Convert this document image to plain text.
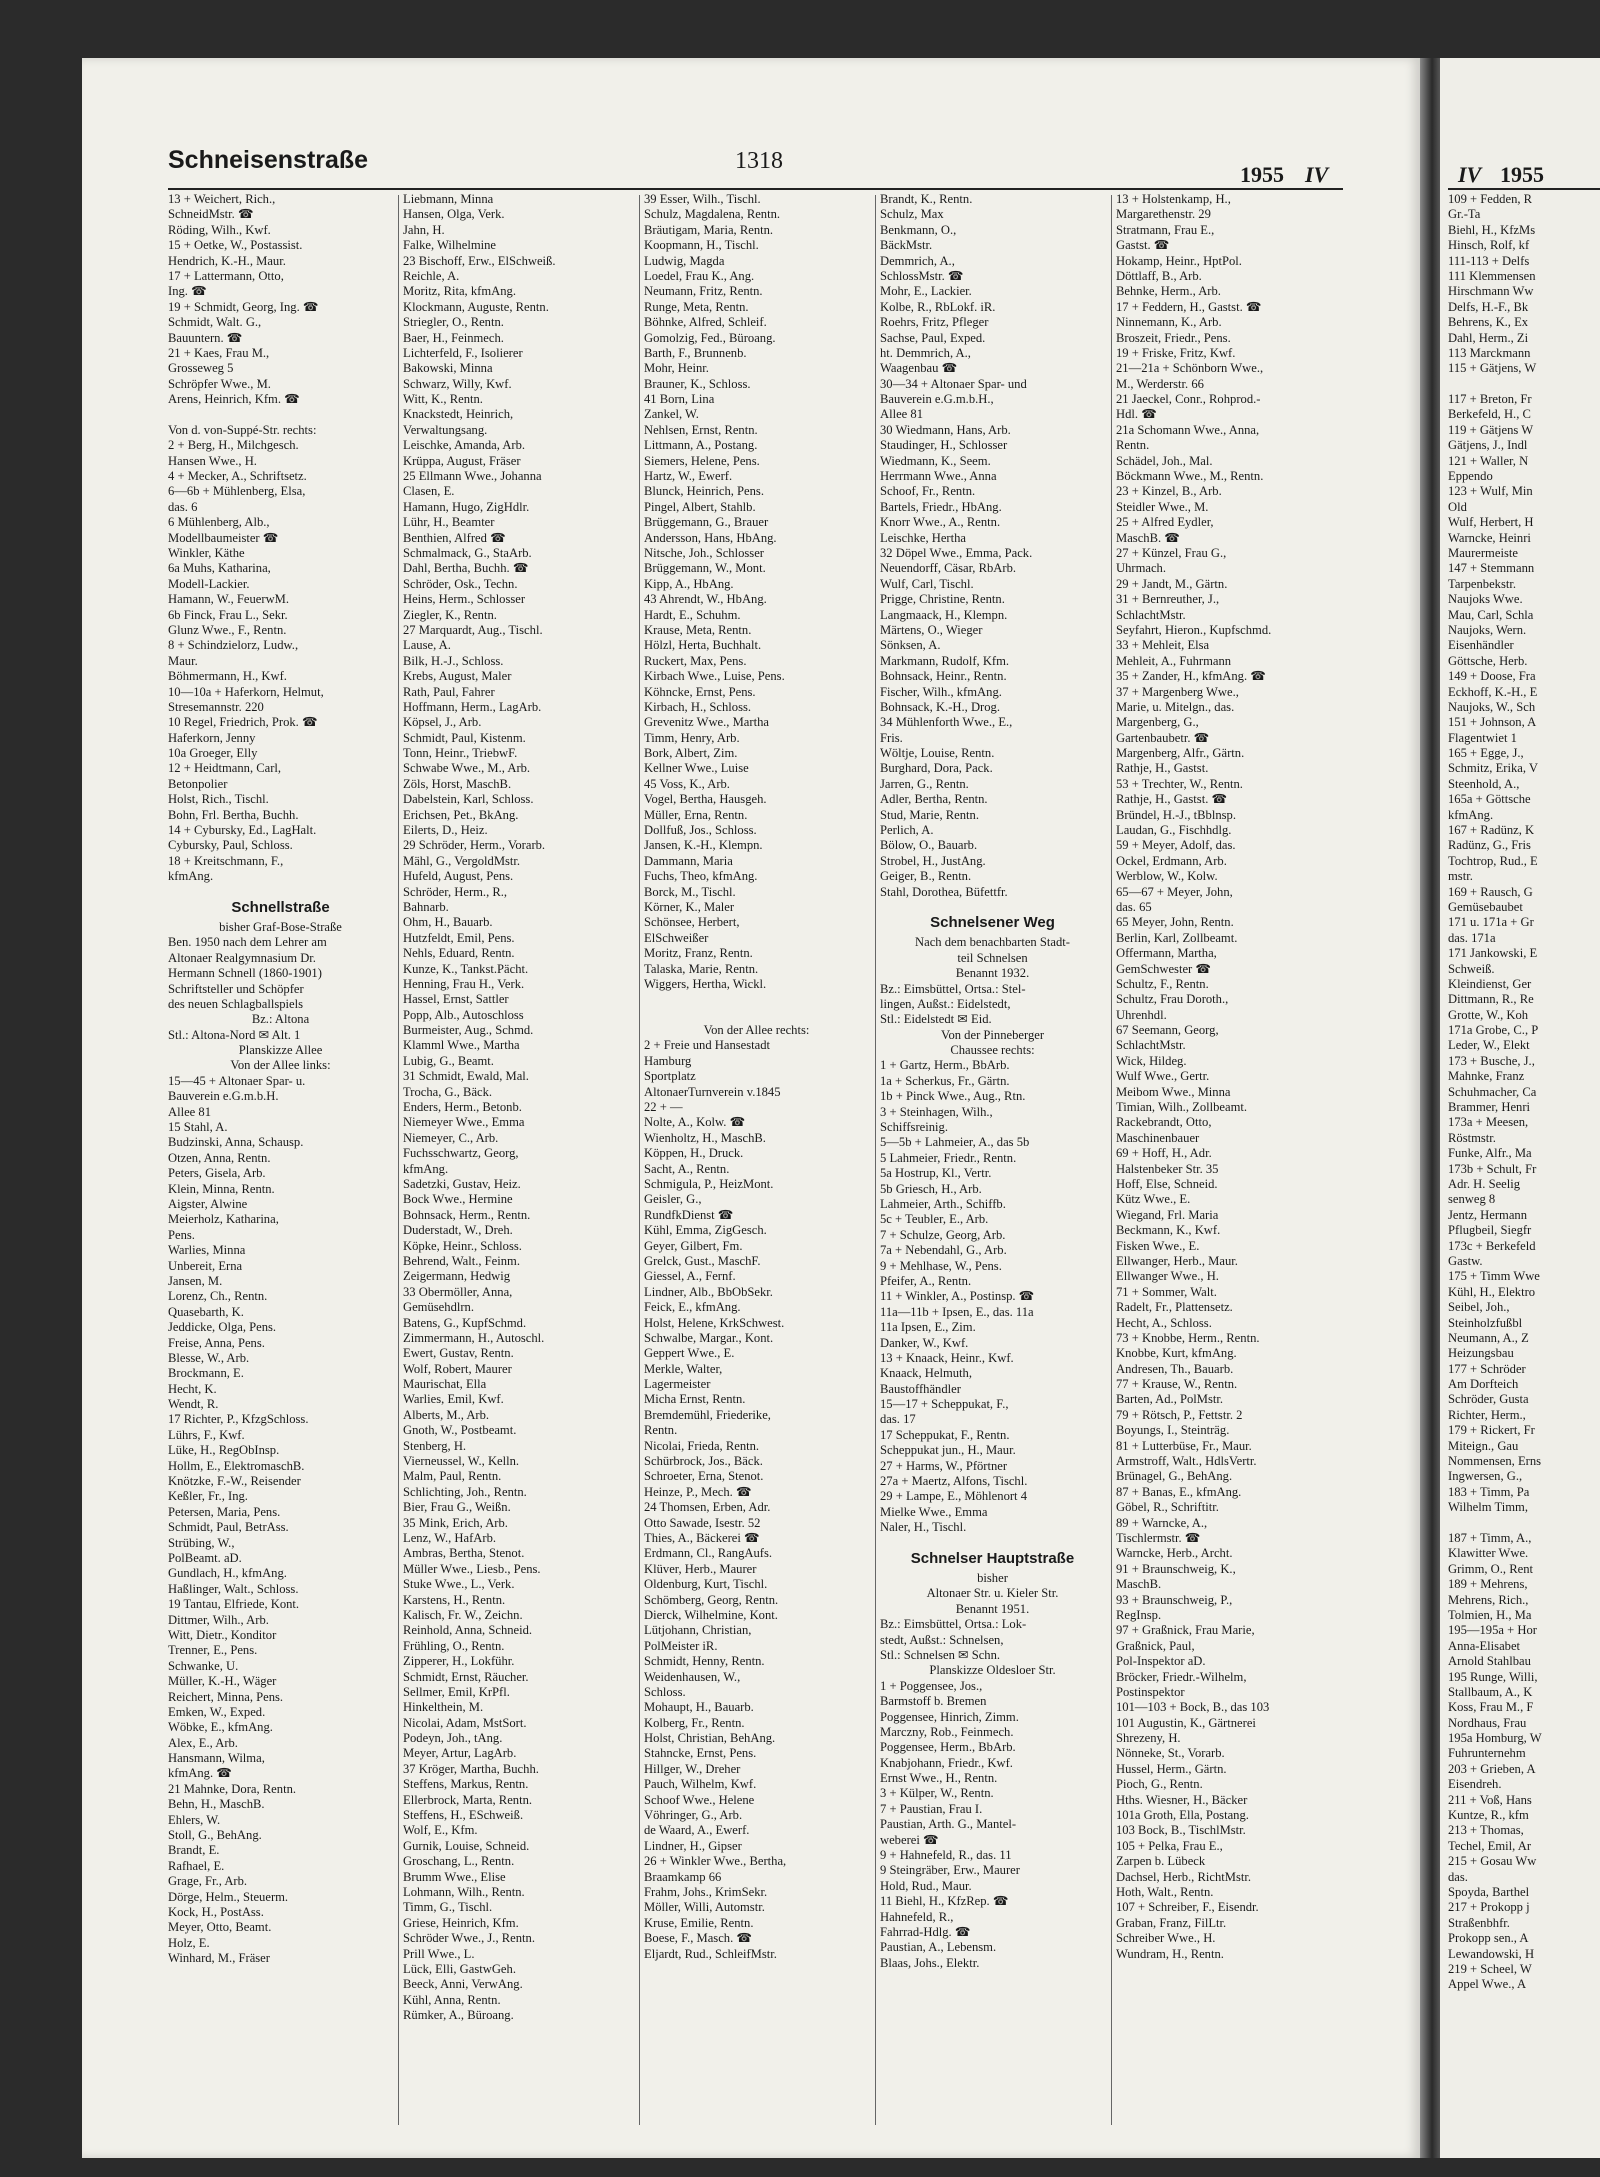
Schneisenstraße	1318
1955 IV	IV 1955
13 + Weichert, Rich.,
SchneidMstr. ☎
Röding, Wilh., Kwf.
15 + Oetke, W., Postassist.
Hendrich, K.-H., Maur.
17 + Lattermann, Otto,
Ing. ☎
19 + Schmidt, Georg, Ing. ☎
Schmidt, Walt. G.,
Bauuntern. ☎
21 + Kaes, Frau M.,
Grosseweg 5
Schröpfer Wwe., M.
Arens, Heinrich, Kfm. ☎
Von d. von-Suppé-Str. rechts:
2 + Berg, H., Milchgesch.
Hansen Wwe., H.
4 + Mecker, A., Schriftsetz.
6—6b + Mühlenberg, Elsa,
das. 6
6 Mühlenberg, Alb.,
Modellbaumeister ☎
Winkler, Käthe
6a Muhs, Katharina,
Modell-Lackier.
Hamann, W., FeuerwM.
6b Finck, Frau L., Sekr.
Glunz Wwe., F., Rentn.
8 + Schindzielorz, Ludw.,
Maur.
Böhmermann, H., Kwf.
10—10a + Haferkorn, Helmut,
Stresemannstr. 220
10 Regel, Friedrich, Prok. ☎
Haferkorn, Jenny
10a Groeger, Elly
12 + Heidtmann, Carl,
Betonpolier
Holst, Rich., Tischl.
Bohn, Frl. Bertha, Buchh.
14 + Cybursky, Ed., LagHalt.
Cybursky, Paul, Schloss.
18 + Kreitschmann, F.,
kfmAng.
Schnellstraße
bisher Graf-Bose-Straße
Ben. 1950 nach dem Lehrer am
Altonaer Realgymnasium Dr.
Hermann Schnell (1860-1901)
Schriftsteller und Schöpfer
des neuen Schlagballspiels
Bz.: Altona
Stl.: Altona-Nord ✉ Alt. 1
Planskizze Allee
Von der Allee links:
15—45 + Altonaer Spar- u.
Bauverein e.G.m.b.H.
Allee 81
15 Stahl, A.
Budzinski, Anna, Schausp.
Otzen, Anna, Rentn.
Peters, Gisela, Arb.
Klein, Minna, Rentn.
Aigster, Alwine
Meierholz, Katharina,
Pens.
Warlies, Minna
Unbereit, Erna
Jansen, M.
Lorenz, Ch., Rentn.
Quasebarth, K.
Jeddicke, Olga, Pens.
Freise, Anna, Pens.
Blesse, W., Arb.
Brockmann, E.
Hecht, K.
Wendt, R.
17 Richter, P., KfzgSchloss.
Lührs, F., Kwf.
Lüke, H., RegObInsp.
Hollm, E., ElektromaschB.
Knötzke, F.-W., Reisender
Keßler, Fr., Ing.
Petersen, Maria, Pens.
Schmidt, Paul, BetrAss.
Strübing, W.,
PolBeamt. aD.
Gundlach, H., kfmAng.
Haßlinger, Walt., Schloss.
19 Tantau, Elfriede, Kont.
Dittmer, Wilh., Arb.
Witt, Dietr., Konditor
Trenner, E., Pens.
Schwanke, U.
Müller, K.-H., Wäger
Reichert, Minna, Pens.
Emken, W., Exped.
Wöbke, E., kfmAng.
Alex, E., Arb.
Hansmann, Wilma,
kfmAng. ☎
21 Mahnke, Dora, Rentn.
Behn, H., MaschB.
Ehlers, W.
Stoll, G., BehAng.
Brandt, E.
Rafhael, E.
Grage, Fr., Arb.
Dörge, Helm., Steuerm.
Kock, H., PostAss.
Meyer, Otto, Beamt.
Holz, E.
Winhard, M., Fräser
Liebmann, Minna
Hansen, Olga, Verk.
Jahn, H.
Falke, Wilhelmine
23 Bischoff, Erw., ElSchweiß.
Reichle, A.
Moritz, Rita, kfmAng.
Klockmann, Auguste, Rentn.
Striegler, O., Rentn.
Baer, H., Feinmech.
Lichterfeld, F., Isolierer
Bakowski, Minna
Schwarz, Willy, Kwf.
Witt, K., Rentn.
Knackstedt, Heinrich,
Verwaltungsang.
Leischke, Amanda, Arb.
Krüppa, August, Fräser
25 Ellmann Wwe., Johanna
Clasen, E.
Hamann, Hugo, ZigHdlr.
Lühr, H., Beamter
Benthien, Alfred ☎
Schmalmack, G., StaArb.
Dahl, Bertha, Buchh. ☎
Schröder, Osk., Techn.
Heins, Herm., Schlosser
Ziegler, K., Rentn.
27 Marquardt, Aug., Tischl.
Lause, A.
Bilk, H.-J., Schloss.
Krebs, August, Maler
Rath, Paul, Fahrer
Hoffmann, Herm., LagArb.
Köpsel, J., Arb.
Schmidt, Paul, Kistenm.
Tonn, Heinr., TriebwF.
Schwabe Wwe., M., Arb.
Zöls, Horst, MaschB.
Dabelstein, Karl, Schloss.
Erichsen, Pet., BkAng.
Eilerts, D., Heiz.
29 Schröder, Herm., Vorarb.
Mähl, G., VergoldMstr.
Hufeld, August, Pens.
Schröder, Herm., R.,
Bahnarb.
Ohm, H., Bauarb.
Hutzfeldt, Emil, Pens.
Nehls, Eduard, Rentn.
Kunze, K., Tankst.Pächt.
Henning, Frau H., Verk.
Hassel, Ernst, Sattler
Popp, Alb., Autoschloss
Burmeister, Aug., Schmd.
Klamml Wwe., Martha
Lubig, G., Beamt.
31 Schmidt, Ewald, Mal.
Trocha, G., Bäck.
Enders, Herm., Betonb.
Niemeyer Wwe., Emma
Niemeyer, C., Arb.
Fuchsschwartz, Georg,
kfmAng.
Sadetzki, Gustav, Heiz.
Bock Wwe., Hermine
Bohnsack, Herm., Rentn.
Duderstadt, W., Dreh.
Köpke, Heinr., Schloss.
Behrend, Walt., Feinm.
Zeigermann, Hedwig
33 Obermöller, Anna,
Gemüsehdlrn.
Batens, G., KupfSchmd.
Zimmermann, H., Autoschl.
Ewert, Gustav, Rentn.
Wolf, Robert, Maurer
Maurischat, Ella
Warlies, Emil, Kwf.
Alberts, M., Arb.
Gnoth, W., Postbeamt.
Stenberg, H.
Vierneussel, W., Kelln.
Malm, Paul, Rentn.
Schlichting, Joh., Rentn.
Bier, Frau G., Weißn.
35 Mink, Erich, Arb.
Lenz, W., HafArb.
Ambras, Bertha, Stenot.
Müller Wwe., Liesb., Pens.
Stuke Wwe., L., Verk.
Karstens, H., Rentn.
Kalisch, Fr. W., Zeichn.
Reinhold, Anna, Schneid.
Frühling, O., Rentn.
Zipperer, H., Lokführ.
Schmidt, Ernst, Räucher.
Sellmer, Emil, KrPfl.
Hinkelthein, M.
Nicolai, Adam, MstSort.
Podeyn, Joh., tAng.
Meyer, Artur, LagArb.
37 Kröger, Martha, Buchh.
Steffens, Markus, Rentn.
Ellerbrock, Marta, Rentn.
Steffens, H., ESchweiß.
Wolf, E., Kfm.
Gurnik, Louise, Schneid.
Groschang, L., Rentn.
Brumm Wwe., Elise
Lohmann, Wilh., Rentn.
Timm, G., Tischl.
Griese, Heinrich, Kfm.
Schröder Wwe., J., Rentn.
Prill Wwe., L.
Lück, Elli, GastwGeh.
Beeck, Anni, VerwAng.
Kühl, Anna, Rentn.
Rümker, A., Büroang.
39 Esser, Wilh., Tischl.
Schulz, Magdalena, Rentn.
Bräutigam, Maria, Rentn.
Koopmann, H., Tischl.
Ludwig, Magda
Loedel, Frau K., Ang.
Neumann, Fritz, Rentn.
Runge, Meta, Rentn.
Böhnke, Alfred, Schleif.
Gomolzig, Fed., Büroang.
Barth, F., Brunnenb.
Mohr, Heinr.
Brauner, K., Schloss.
41 Born, Lina
Zankel, W.
Nehlsen, Ernst, Rentn.
Littmann, A., Postang.
Siemers, Helene, Pens.
Hartz, W., Ewerf.
Blunck, Heinrich, Pens.
Pingel, Albert, Stahlb.
Brüggemann, G., Brauer
Andersson, Hans, HbAng.
Nitsche, Joh., Schlosser
Brüggemann, W., Mont.
Kipp, A., HbAng.
43 Ahrendt, W., HbAng.
Hardt, E., Schuhm.
Krause, Meta, Rentn.
Hölzl, Herta, Buchhalt.
Ruckert, Max, Pens.
Kirbach Wwe., Luise, Pens.
Köhncke, Ernst, Pens.
Kirbach, H., Schloss.
Grevenitz Wwe., Martha
Timm, Henry, Arb.
Bork, Albert, Zim.
Kellner Wwe., Luise
45 Voss, K., Arb.
Vogel, Bertha, Hausgeh.
Müller, Erna, Rentn.
Dollfuß, Jos., Schloss.
Jansen, K.-H., Klempn.
Dammann, Maria
Fuchs, Theo, kfmAng.
Borck, M., Tischl.
Körner, K., Maler
Schönsee, Herbert,
ElSchweißer
Moritz, Franz, Rentn.
Talaska, Marie, Rentn.
Wiggers, Hertha, Wickl.
Von der Allee rechts:
2 + Freie und Hansestadt
Hamburg
Sportplatz
AltonaerTurnverein v.1845
22 + —
Nolte, A., Kolw. ☎
Wienholtz, H., MaschB.
Köppen, H., Druck.
Sacht, A., Rentn.
Schmigula, P., HeizMont.
Geisler, G.,
RundfkDienst ☎
Kühl, Emma, ZigGesch.
Geyer, Gilbert, Fm.
Grelck, Gust., MaschF.
Giessel, A., Fernf.
Lindner, Alb., BbObSekr.
Feick, E., kfmAng.
Holst, Helene, KrkSchwest.
Schwalbe, Margar., Kont.
Geppert Wwe., E.
Merkle, Walter,
Lagermeister
Micha Ernst, Rentn.
Bremdemühl, Friederike,
Rentn.
Nicolai, Frieda, Rentn.
Schürbrock, Jos., Bäck.
Schroeter, Erna, Stenot.
Heinze, P., Mech. ☎
24 Thomsen, Erben, Adr.
Otto Sawade, Isestr. 52
Thies, A., Bäckerei ☎
Erdmann, Cl., RangAufs.
Klüver, Herb., Maurer
Oldenburg, Kurt, Tischl.
Schömberg, Georg, Rentn.
Dierck, Wilhelmine, Kont.
Lütjohann, Christian,
PolMeister iR.
Schmidt, Henny, Rentn.
Weidenhausen, W.,
Schloss.
Mohaupt, H., Bauarb.
Kolberg, Fr., Rentn.
Holst, Christian, BehAng.
Stahncke, Ernst, Pens.
Hillger, W., Dreher
Pauch, Wilhelm, Kwf.
Schoof Wwe., Helene
Vöhringer, G., Arb.
de Waard, A., Ewerf.
Lindner, H., Gipser
26 + Winkler Wwe., Bertha,
Braamkamp 66
Frahm, Johs., KrimSekr.
Möller, Willi, Automstr.
Kruse, Emilie, Rentn.
Boese, F., Masch. ☎
Eljardt, Rud., SchleifMstr.
Brandt, K., Rentn.
Schulz, Max
Benkmann, O.,
BäckMstr.
Demmrich, A.,
SchlossMstr. ☎
Mohr, E., Lackier.
Kolbe, R., RbLokf. iR.
Roehrs, Fritz, Pfleger
Sachse, Paul, Exped.
ht. Demmrich, A.,
Waagenbau ☎
30—34 + Altonaer Spar- und
Bauverein e.G.m.b.H.,
Allee 81
30 Wiedmann, Hans, Arb.
Staudinger, H., Schlosser
Wiedmann, K., Seem.
Herrmann Wwe., Anna
Schoof, Fr., Rentn.
Bartels, Friedr., HbAng.
Knorr Wwe., A., Rentn.
Leischke, Hertha
32 Döpel Wwe., Emma, Pack.
Neuendorff, Cäsar, RbArb.
Wulf, Carl, Tischl.
Prigge, Christine, Rentn.
Langmaack, H., Klempn.
Märtens, O., Wieger
Sönksen, A.
Markmann, Rudolf, Kfm.
Bohnsack, Heinr., Rentn.
Fischer, Wilh., kfmAng.
Bohnsack, K.-H., Drog.
34 Mühlenforth Wwe., E.,
Fris.
Wöltje, Louise, Rentn.
Burghard, Dora, Pack.
Jarren, G., Rentn.
Adler, Bertha, Rentn.
Stud, Marie, Rentn.
Perlich, A.
Bölow, O., Bauarb.
Strobel, H., JustAng.
Geiger, B., Rentn.
Stahl, Dorothea, Büfettfr.
Schnelsener Weg
Nach dem benachbarten Stadt-
teil Schnelsen
Benannt 1932.
Bz.: Eimsbüttel, Ortsa.: Stel-
lingen, Außst.: Eidelstedt,
Stl.: Eidelstedt ✉ Eid.
Von der Pinneberger
Chaussee rechts:
1 + Gartz, Herm., BbArb.
1a + Scherkus, Fr., Gärtn.
1b + Pinck Wwe., Aug., Rtn.
3 + Steinhagen, Wilh.,
Schiffsreinig.
5—5b + Lahmeier, A., das 5b
5 Lahmeier, Friedr., Rentn.
5a Hostrup, Kl., Vertr.
5b Griesch, H., Arb.
Lahmeier, Arth., Schiffb.
5c + Teubler, E., Arb.
7 + Schulze, Georg, Arb.
7a + Nebendahl, G., Arb.
9 + Mehlhase, W., Pens.
Pfeifer, A., Rentn.
11 + Winkler, A., Postinsp. ☎
11a—11b + Ipsen, E., das. 11a
11a Ipsen, E., Zim.
Danker, W., Kwf.
13 + Knaack, Heinr., Kwf.
Knaack, Helmuth,
Baustoffhändler
15—17 + Scheppukat, F.,
das. 17
17 Scheppukat, F., Rentn.
Scheppukat jun., H., Maur.
27 + Harms, W., Pförtner
27a + Maertz, Alfons, Tischl.
29 + Lampe, E., Möhlenort 4
Mielke Wwe., Emma
Naler, H., Tischl.
Schnelser Hauptstraße
bisher
Altonaer Str. u. Kieler Str.
Benannt 1951.
Bz.: Eimsbüttel, Ortsa.: Lok-
stedt, Außst.: Schnelsen,
Stl.: Schnelsen ✉ Schn.
Planskizze Oldesloer Str.
1 + Poggensee, Jos.,
Barmstoff b. Bremen
Poggensee, Hinrich, Zimm.
Marczny, Rob., Feinmech.
Poggensee, Herm., BbArb.
Knabjohann, Friedr., Kwf.
Ernst Wwe., H., Rentn.
3 + Külper, W., Rentn.
7 + Paustian, Frau I.
Paustian, Arth. G., Mantel-
weberei ☎
9 + Hahnefeld, R., das. 11
9 Steingräber, Erw., Maurer
Hold, Rud., Maur.
11 Biehl, H., KfzRep. ☎
Hahnefeld, R.,
Fahrrad-Hdlg. ☎
Paustian, A., Lebensm.
Blaas, Johs., Elektr.
13 + Holstenkamp, H.,
Margarethenstr. 29
Stratmann, Frau E.,
Gastst. ☎
Hokamp, Heinr., HptPol.
Döttlaff, B., Arb.
Behnke, Herm., Arb.
17 + Feddern, H., Gastst. ☎
Ninnemann, K., Arb.
Broszeit, Friedr., Pens.
19 + Friske, Fritz, Kwf.
21—21a + Schönborn Wwe.,
M., Werderstr. 66
21 Jaeckel, Conr., Rohprod.-
Hdl. ☎
21a Schomann Wwe., Anna,
Rentn.
Schädel, Joh., Mal.
Böckmann Wwe., M., Rentn.
23 + Kinzel, B., Arb.
Steidler Wwe., M.
25 + Alfred Eydler,
MaschB. ☎
27 + Künzel, Frau G.,
Uhrmach.
29 + Jandt, M., Gärtn.
31 + Bernreuther, J.,
SchlachtMstr.
Seyfahrt, Hieron., Kupfschmd.
33 + Mehleit, Elsa
Mehleit, A., Fuhrmann
35 + Zander, H., kfmAng. ☎
37 + Margenberg Wwe.,
Marie, u. Mitelgn., das.
Margenberg, G.,
Gartenbaubetr. ☎
Margenberg, Alfr., Gärtn.
Rathje, H., Gastst.
53 + Trechter, W., Rentn.
Rathje, H., Gastst. ☎
Bründel, H.-J., tBblnsp.
Laudan, G., Fischhdlg.
59 + Meyer, Adolf, das.
Ockel, Erdmann, Arb.
Werblow, W., Kolw.
65—67 + Meyer, John,
das. 65
65 Meyer, John, Rentn.
Berlin, Karl, Zollbeamt.
Offermann, Martha,
GemSchwester ☎
Schultz, F., Rentn.
Schultz, Frau Doroth.,
Uhrenhdl.
67 Seemann, Georg,
SchlachtMstr.
Wick, Hildeg.
Wulf Wwe., Gertr.
Meibom Wwe., Minna
Timian, Wilh., Zollbeamt.
Rackebrandt, Otto,
Maschinenbauer
69 + Hoff, H., Adr.
Halstenbeker Str. 35
Hoff, Else, Schneid.
Kütz Wwe., E.
Wiegand, Frl. Maria
Beckmann, K., Kwf.
Fisken Wwe., E.
Ellwanger, Herb., Maur.
Ellwanger Wwe., H.
71 + Sommer, Walt.
Radelt, Fr., Plattensetz.
Hecht, A., Schloss.
73 + Knobbe, Herm., Rentn.
Knobbe, Kurt, kfmAng.
Andresen, Th., Bauarb.
77 + Krause, W., Rentn.
Barten, Ad., PolMstr.
79 + Rötsch, P., Fettstr. 2
Boyungs, I., Steinträg.
81 + Lutterbüse, Fr., Maur.
Armstroff, Walt., HdlsVertr.
Brünagel, G., BehAng.
87 + Banas, E., kfmAng.
Göbel, R., Schriftitr.
89 + Warncke, A.,
Tischlermstr. ☎
Warncke, Herb., Archt.
91 + Braunschweig, K.,
MaschB.
93 + Braunschweig, P.,
RegInsp.
97 + Graßnick, Frau Marie,
Graßnick, Paul,
Pol-Inspektor aD.
Bröcker, Friedr.-Wilhelm,
Postinspektor
101—103 + Bock, B., das 103
101 Augustin, K., Gärtnerei
Shrezeny, H.
Nönneke, St., Vorarb.
Hussel, Herm., Gärtn.
Pioch, G., Rentn.
Hths. Wiesner, H., Bäcker
101a Groth, Ella, Postang.
103 Bock, B., TischlMstr.
105 + Pelka, Frau E.,
Zarpen b. Lübeck
Dachsel, Herb., RichtMstr.
Hoth, Walt., Rentn.
107 + Schreiber, F., Eisendr.
Graban, Franz, FilLtr.
Schreiber Wwe., H.
Wundram, H., Rentn.
109 + Fedden, R
Gr.-Ta
Biehl, H., KfzMs
Hinsch, Rolf, kf
111-113 + Delfs
111 Klemmensen
Hirschmann Ww
Delfs, H.-F., Bk
Behrens, K., Ex
Dahl, Herm., Zi
113 Marckmann
115 + Gätjens, W
117 + Breton, Fr
Berkefeld, H., C
119 + Gätjens W
Gätjens, J., Indl
121 + Waller, N
Eppendo
123 + Wulf, Min
Old
Wulf, Herbert, H
Warncke, Heinri
Maurermeiste
147 + Stemmann
Tarpenbekstr.
Naujoks Wwe.
Mau, Carl, Schla
Naujoks, Wern.
Eisenhändler
Göttsche, Herb.
149 + Doose, Fra
Eckhoff, K.-H., E
Naujoks, W., Sch
151 + Johnson, A
Flagentwiet 1
165 + Egge, J.,
Schmitz, Erika, V
Steenhold, A.,
165a + Göttsche
kfmAng.
167 + Radünz, K
Radünz, G., Fris
Tochtrop, Rud., E
mstr.
169 + Rausch, G
Gemüsebaubet
171 u. 171a + Gr
das. 171a
171 Jankowski, E
Schweiß.
Kleindienst, Ger
Dittmann, R., Re
Grotte, W., Koh
171a Grobe, C., P
Leder, W., Elekt
173 + Busche, J.,
Mahnke, Franz
Schuhmacher, Ca
Brammer, Henri
173a + Meesen,
Röstmstr.
Funke, Alfr., Ma
173b + Schult, Fr
Adr. H. Seelig
senweg 8
Jentz, Hermann
Pflugbeil, Siegfr
173c + Berkefeld
Gastw.
175 + Timm Wwe
Kühl, H., Elektro
Seibel, Joh.,
Steinholzfußbl
Neumann, A., Z
Heizungsbau
177 + Schröder
Am Dorfteich
Schröder, Gusta
Richter, Herm.,
179 + Rickert, Fr
Miteign., Gau
Nommensen, Erns
Ingwersen, G.,
183 + Timm, Pa
Wilhelm Timm,
187 + Timm, A.,
Klawitter Wwe.
Grimm, O., Rent
189 + Mehrens,
Mehrens, Rich.,
Tolmien, H., Ma
195—195a + Hor
Anna-Elisabet
Arnold Stahlbau
195 Runge, Willi,
Stallbaum, A., K
Koss, Frau M., F
Nordhaus, Frau
195a Homburg, W
Fuhrunternehm
203 + Grieben, A
Eisendreh.
211 + Voß, Hans
Kuntze, R., kfm
213 + Thomas,
Techel, Emil, Ar
215 + Gosau Ww
das.
Spoyda, Barthel
217 + Prokopp j
Straßenbhfr.
Prokopp sen., A
Lewandowski, H
219 + Scheel, W
Appel Wwe., A
